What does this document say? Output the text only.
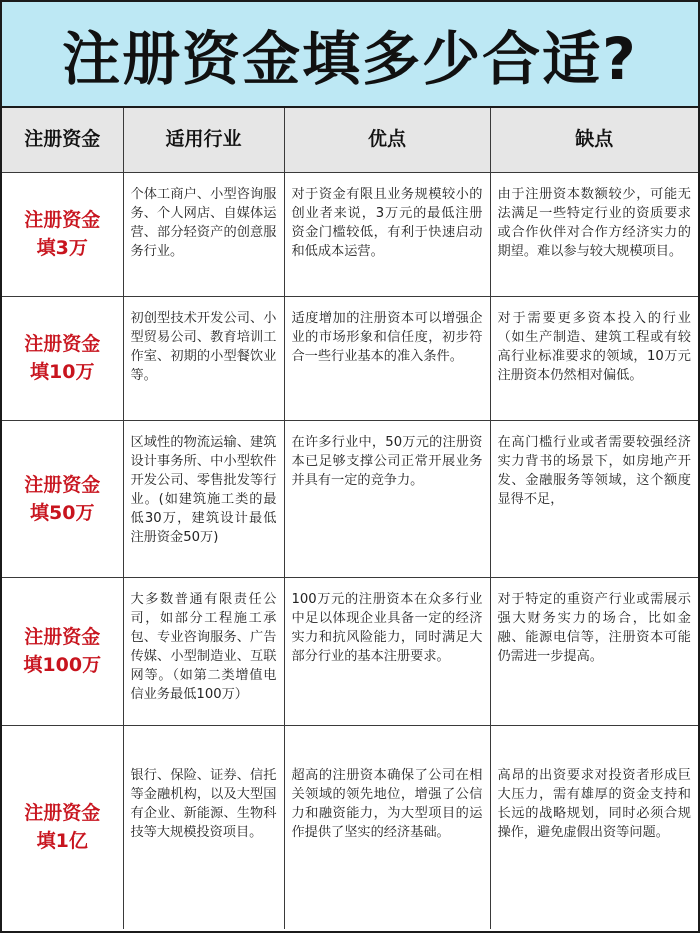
注册资金填多少合适?
注册资金	适用行业	优点	缺点

注册资金
填3万	个体工商户、小型咨询服务、个人网店、自媒体运营、部分轻资产的创意服务行业。	对于资金有限且业务规模较小的创业者来说，3万元的最低注册资金门槛较低，有利于快速启动和低成本运营。	由于注册资本数额较少，可能无法满足一些特定行业的资质要求或合作伙伴对合作方经济实力的期望。难以参与较大规模项目。

注册资金
填10万	初创型技术开发公司、小型贸易公司、教育培训工作室、初期的小型餐饮业等。	适度增加的注册资本可以增强企业的市场形象和信任度，初步符合一些行业基本的准入条件。	对于需要更多资本投入的行业（如生产制造、建筑工程或有较高行业标准要求的领域，10万元注册资本仍然相对偏低。

注册资金
填50万	区域性的物流运输、建筑设计事务所、中小型软件开发公司、零售批发等行业。(如建筑施工类的最低30万，建筑设计最低注册资金50万)	在许多行业中，50万元的注册资本已足够支撑公司正常开展业务并具有一定的竞争力。	在高门槛行业或者需要较强经济实力背书的场景下，如房地产开发、金融服务等领域，这个额度显得不足，

注册资金
填100万	大多数普通有限责任公司，如部分工程施工承包、专业咨询服务、广告传媒、小型制造业、互联网等。（如第二类增值电信业务最低100万）	100万元的注册资本在众多行业中足以体现企业具备一定的经济实力和抗风险能力，同时满足大部分行业的基本注册要求。	对于特定的重资产行业或需展示强大财务实力的场合，比如金融、能源电信等，注册资本可能仍需进一步提高。

注册资金
填1亿	银行、保险、证券、信托等金融机构，以及大型国有企业、新能源、生物科技等大规模投资项目。	超高的注册资本确保了公司在相关领域的领先地位，增强了公信力和融资能力，为大型项目的运作提供了坚实的经济基础。	高昂的出资要求对投资者形成巨大压力，需有雄厚的资金支持和长远的战略规划，同时必须合规操作，避免虚假出资等问题。
